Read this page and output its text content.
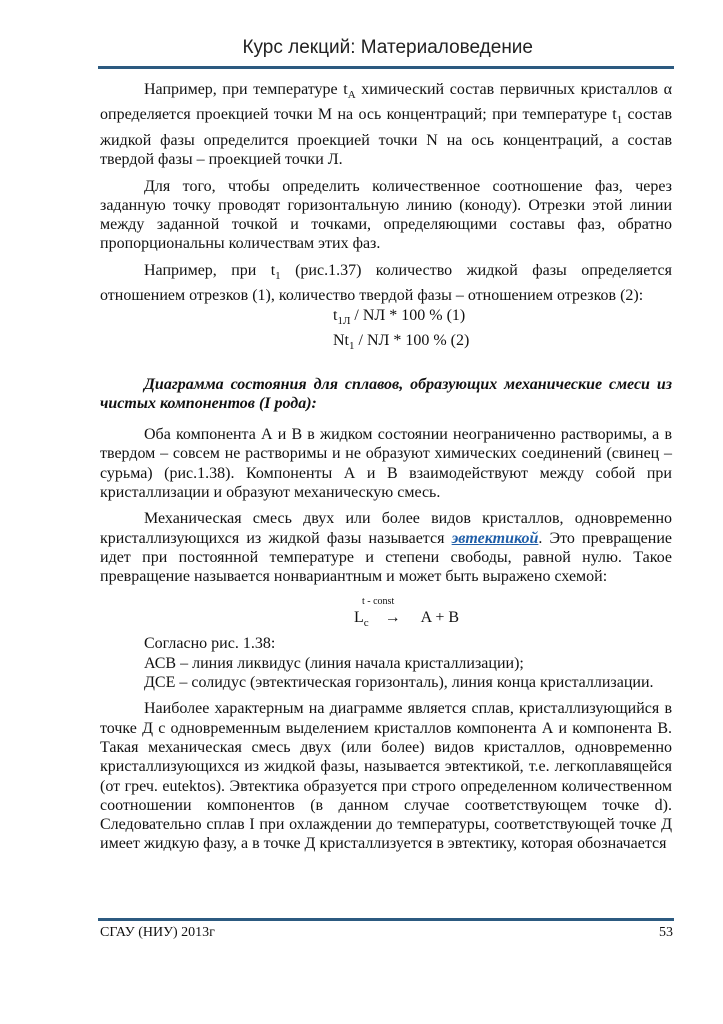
Курс лекций: Материаловедение

Например, при температуре $t_A$ химический состав первичных кристаллов α определяется проекцией точки М на ось концентраций; при температуре $t_1$ состав жидкой фазы определится проекцией точки N на ось концентраций, а состав твердой фазы – проекцией точки Л.

Для того, чтобы определить количественное соотношение фаз, через заданную точку проводят горизонтальную линию (коноду). Отрезки этой линии между заданной точкой и точками, определяющими составы фаз, обратно пропорциональны количествам этих фаз.

Например, при $t_1$ (рис.1.37) количество жидкой фазы определяется отношением отрезков (1), количество твердой фазы – отношением отрезков (2):

$t_{1Л}$ / NЛ * 100 % (1)

$Nt_1$ / NЛ * 100 % (2)

Диаграмма состояния для сплавов, образующих механические смеси из чистых компонентов (I рода):

Оба компонента А и В в жидком состоянии неограниченно растворимы, а в твердом – совсем не растворимы и не образуют химических соединений (свинец – сурьма) (рис.1.38). Компоненты А и В взаимодействуют между собой при кристаллизации и образуют механическую смесь.

Механическая смесь двух или более видов кристаллов, одновременно кристаллизующихся из жидкой фазы называется эвтектикой. Это превращение идет при постоянной температуре и степени свободы, равной нулю. Такое превращение называется нонвариантным и может быть выражено схемой:

t - const
$L_c \to A + B$

Согласно рис. 1.38:

АСВ – линия ликвидус (линия начала кристаллизации);

ДСЕ – солидус (эвтектическая горизонталь), линия конца кристаллизации.

Наиболее характерным на диаграмме является сплав, кристаллизующийся в точке Д с одновременным выделением кристаллов компонента А и компонента В. Такая механическая смесь двух (или более) видов кристаллов, одновременно кристаллизующихся из жидкой фазы, называется эвтектикой, т.е. легкоплавящейся (от греч. eutektos). Эвтектика образуется при строго определенном количественном соотношении компонентов (в данном случае соответствующем точке d). Следовательно сплав I при охлаждении до температуры, соответствующей точке Д имеет жидкую фазу, а в точке Д кристаллизуется в эвтектику, которая обозначается

СГАУ (НИУ) 2013г	53
